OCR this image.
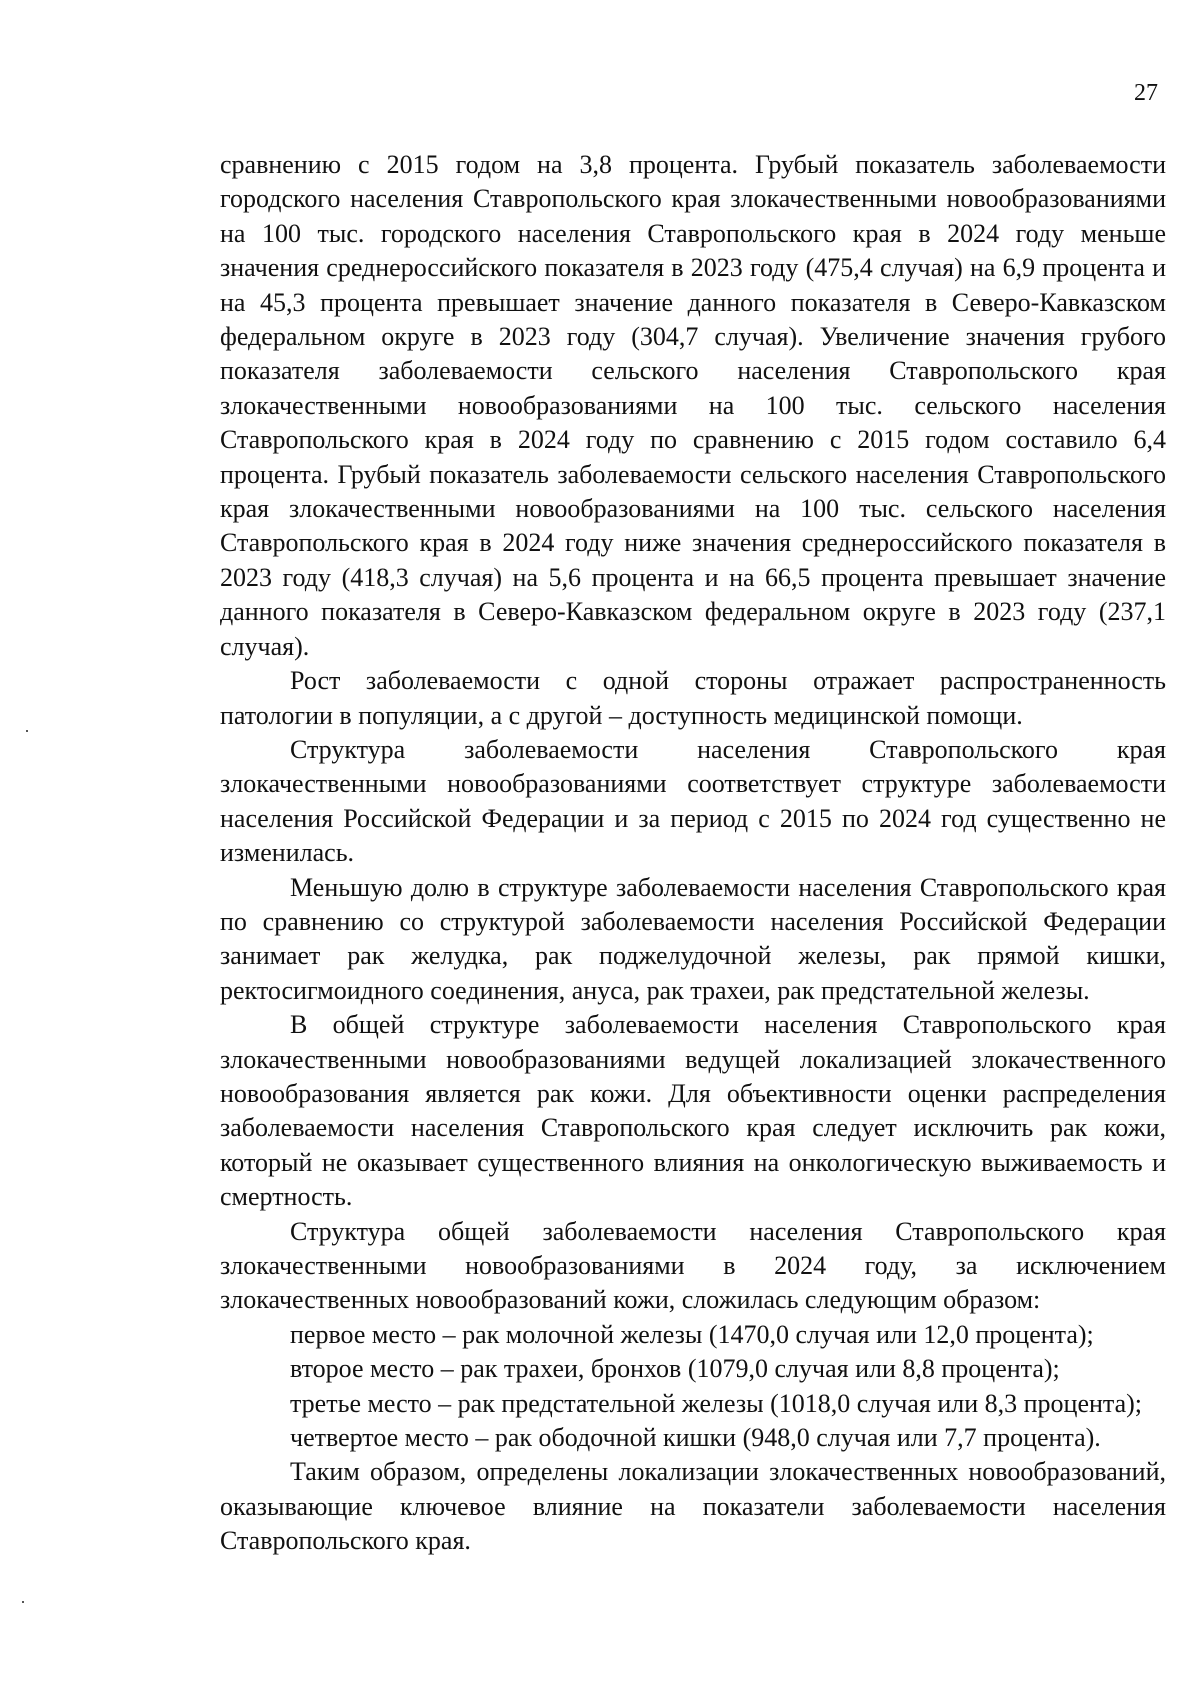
27

сравнению с 2015 годом на 3,8 процента. Грубый показатель заболеваемости городского населения Ставропольского края злокачественными новообразованиями на 100 тыс. городского населения Ставропольского края в 2024 году меньше значения среднероссийского показателя в 2023 году (475,4 случая) на 6,9 процента и на 45,3 процента превышает значение данного показателя в Северо-Кавказском федеральном округе в 2023 году (304,7 случая). Увеличение значения грубого показателя заболеваемости сельского населения Ставропольского края злокачественными новообразованиями на 100 тыс. сельского населения Ставропольского края в 2024 году по сравнению с 2015 годом составило 6,4 процента. Грубый показатель заболеваемости сельского населения Ставропольского края злокачественными новообразованиями на 100 тыс. сельского населения Ставропольского края в 2024 году ниже значения среднероссийского показателя в 2023 году (418,3 случая) на 5,6 процента и на 66,5 процента превышает значение данного показателя в Северо-Кавказском федеральном округе в 2023 году (237,1 случая).

Рост заболеваемости с одной стороны отражает распространенность патологии в популяции, а с другой – доступность медицинской помощи.

Структура заболеваемости населения Ставропольского края злокачественными новообразованиями соответствует структуре заболеваемости населения Российской Федерации и за период с 2015 по 2024 год существенно не изменилась.

Меньшую долю в структуре заболеваемости населения Ставропольского края по сравнению со структурой заболеваемости населения Российской Федерации занимает рак желудка, рак поджелудочной железы, рак прямой кишки, ректосигмоидного соединения, ануса, рак трахеи, рак предстательной железы.

В общей структуре заболеваемости населения Ставропольского края злокачественными новообразованиями ведущей локализацией злокачественного новообразования является рак кожи. Для объективности оценки распределения заболеваемости населения Ставропольского края следует исключить рак кожи, который не оказывает существенного влияния на онкологическую выживаемость и смертность.

Структура общей заболеваемости населения Ставропольского края злокачественными новообразованиями в 2024 году, за исключением злокачественных новообразований кожи, сложилась следующим образом:

первое место – рак молочной железы (1470,0 случая или 12,0 процента);

второе место – рак трахеи, бронхов (1079,0 случая или 8,8 процента);

третье место – рак предстательной железы (1018,0 случая или 8,3 процента);

четвертое место – рак ободочной кишки (948,0 случая или 7,7 процента).

Таким образом, определены локализации злокачественных новообразований, оказывающие ключевое влияние на показатели заболеваемости населения Ставропольского края.
